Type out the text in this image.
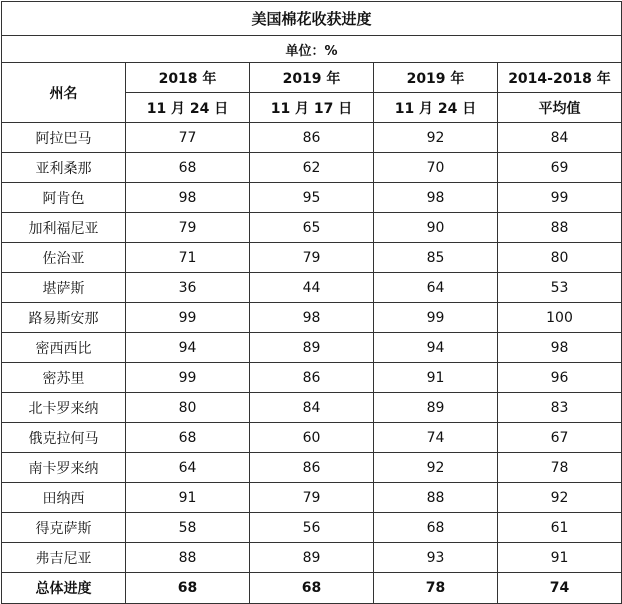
美国棉花收获进度				
单位：%				
州名	2018 年	2019 年	2019 年	2014-2018 年
	11 月 24 日	11 月 17 日	11 月 24 日	平均值
阿拉巴马	77	86	92	84
亚利桑那	68	62	70	69
阿肯色	98	95	98	99
加利福尼亚	79	65	90	88
佐治亚	71	79	85	80
堪萨斯	36	44	64	53
路易斯安那	99	98	99	100
密西西比	94	89	94	98
密苏里	99	86	91	96
北卡罗来纳	80	84	89	83
俄克拉何马	68	60	74	67
南卡罗来纳	64	86	92	78
田纳西	91	79	88	92
得克萨斯	58	56	68	61
弗吉尼亚	88	89	93	91
总体进度	68	68	78	74
